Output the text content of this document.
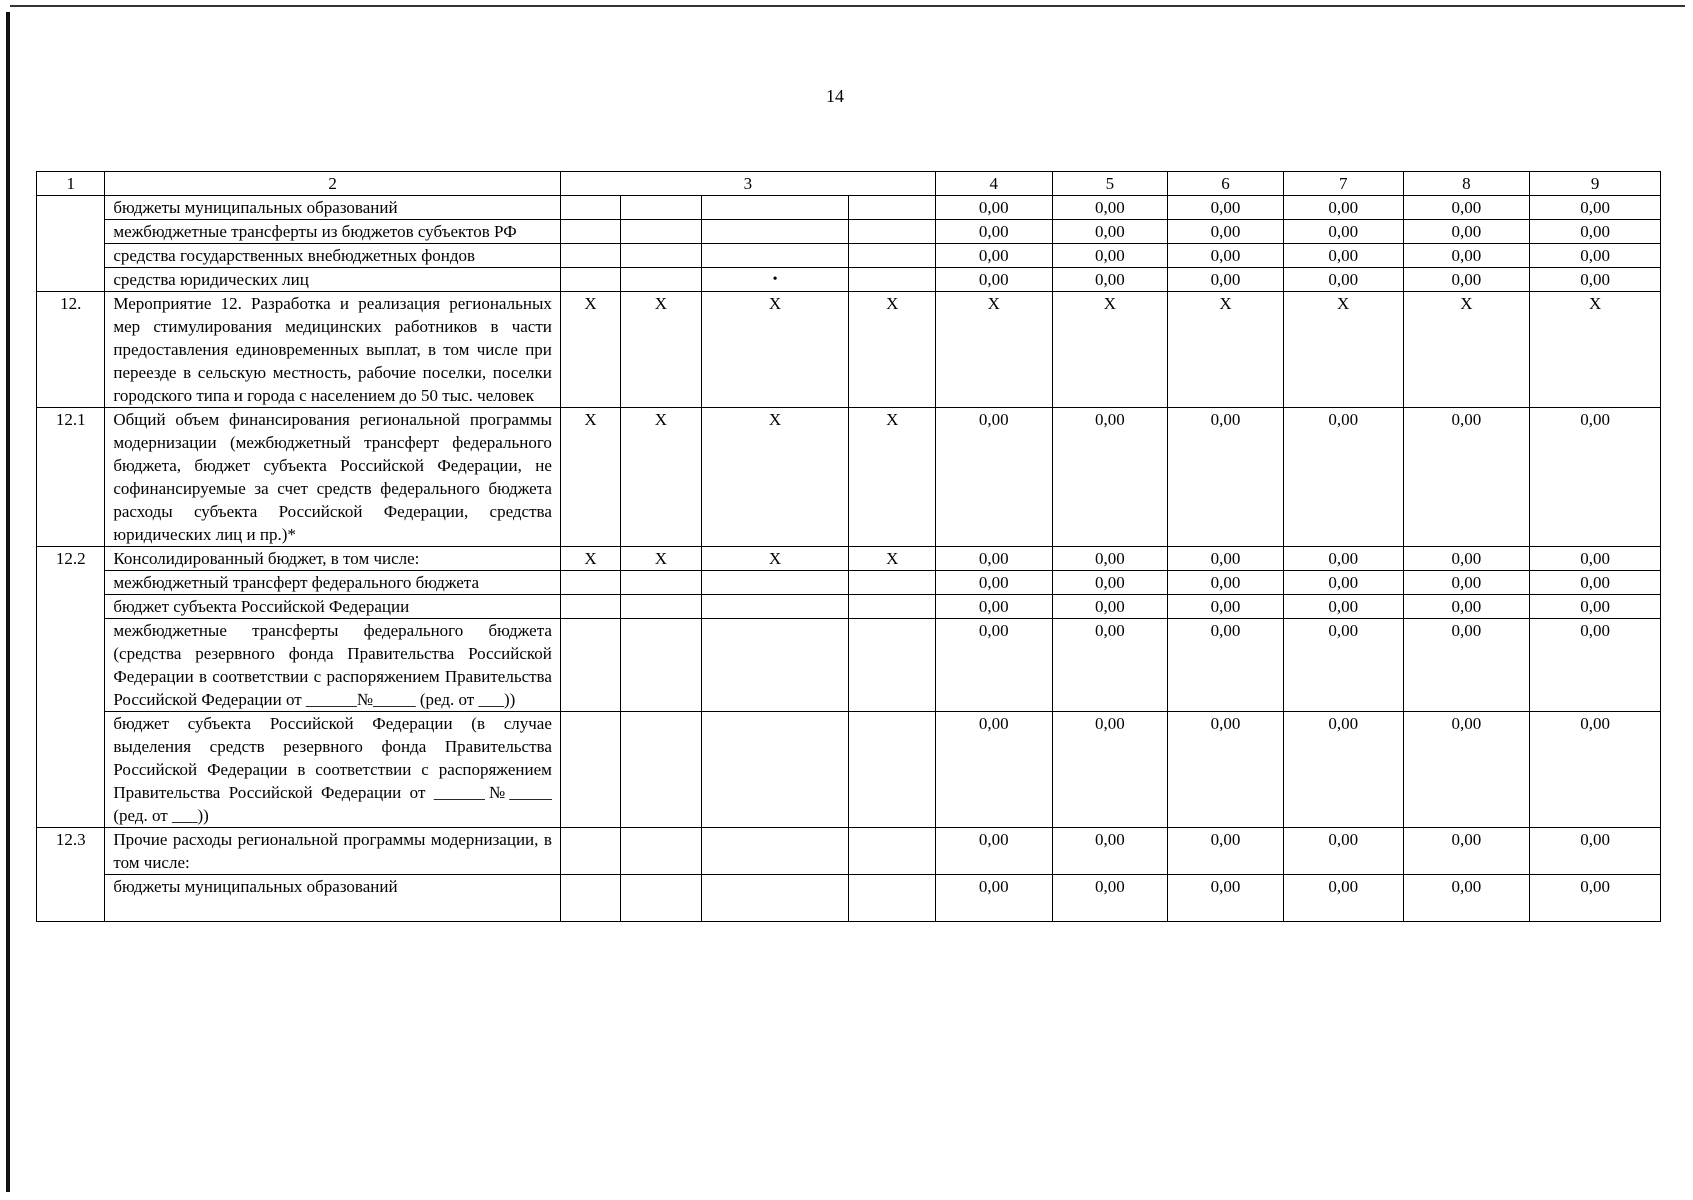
14
1	2	3				4	5	6	7	8	9
	бюджеты муниципальных образований					0,00	0,00	0,00	0,00	0,00	0,00
	межбюджетные трансферты из бюджетов субъектов РФ					0,00	0,00	0,00	0,00	0,00	0,00
	средства государственных внебюджетных фондов					0,00	0,00	0,00	0,00	0,00	0,00
	средства юридических лиц			•		0,00	0,00	0,00	0,00	0,00	0,00
12.	Мероприятие 12. Разработка и реализация региональных мер стимулирования медицинских работников в части предоставления единовременных выплат, в том числе при переезде в сельскую местность, рабочие поселки, поселки городского типа и города с населением до 50 тыс. человек	Х	Х	Х	Х	Х	Х	Х	Х	Х	Х
12.1	Общий объем финансирования региональной программы модернизации (межбюджетный трансферт федерального бюджета, бюджет субъекта Российской Федерации, не софинансируемые за счет средств федерального бюджета расходы субъекта Российской Федерации, средства юридических лиц и пр.)*	Х	Х	Х	Х	0,00	0,00	0,00	0,00	0,00	0,00
12.2	Консолидированный бюджет, в том числе:	Х	Х	Х	Х	0,00	0,00	0,00	0,00	0,00	0,00
	межбюджетный трансферт федерального бюджета					0,00	0,00	0,00	0,00	0,00	0,00
	бюджет субъекта Российской Федерации					0,00	0,00	0,00	0,00	0,00	0,00
	межбюджетные трансферты федерального бюджета (средства резервного фонда Правительства Российской Федерации в соответствии с распоряжением Правительства Российской Федерации от ______№_____ (ред. от ___))					0,00	0,00	0,00	0,00	0,00	0,00
	бюджет субъекта Российской Федерации (в случае выделения средств резервного фонда Правительства Российской Федерации в соответствии с распоряжением Правительства Российской Федерации от ______№_____ (ред. от ___))					0,00	0,00	0,00	0,00	0,00	0,00
12.3	Прочие расходы региональной программы модернизации, в том числе:					0,00	0,00	0,00	0,00	0,00	0,00
	бюджеты муниципальных образований					0,00	0,00	0,00	0,00	0,00	0,00
